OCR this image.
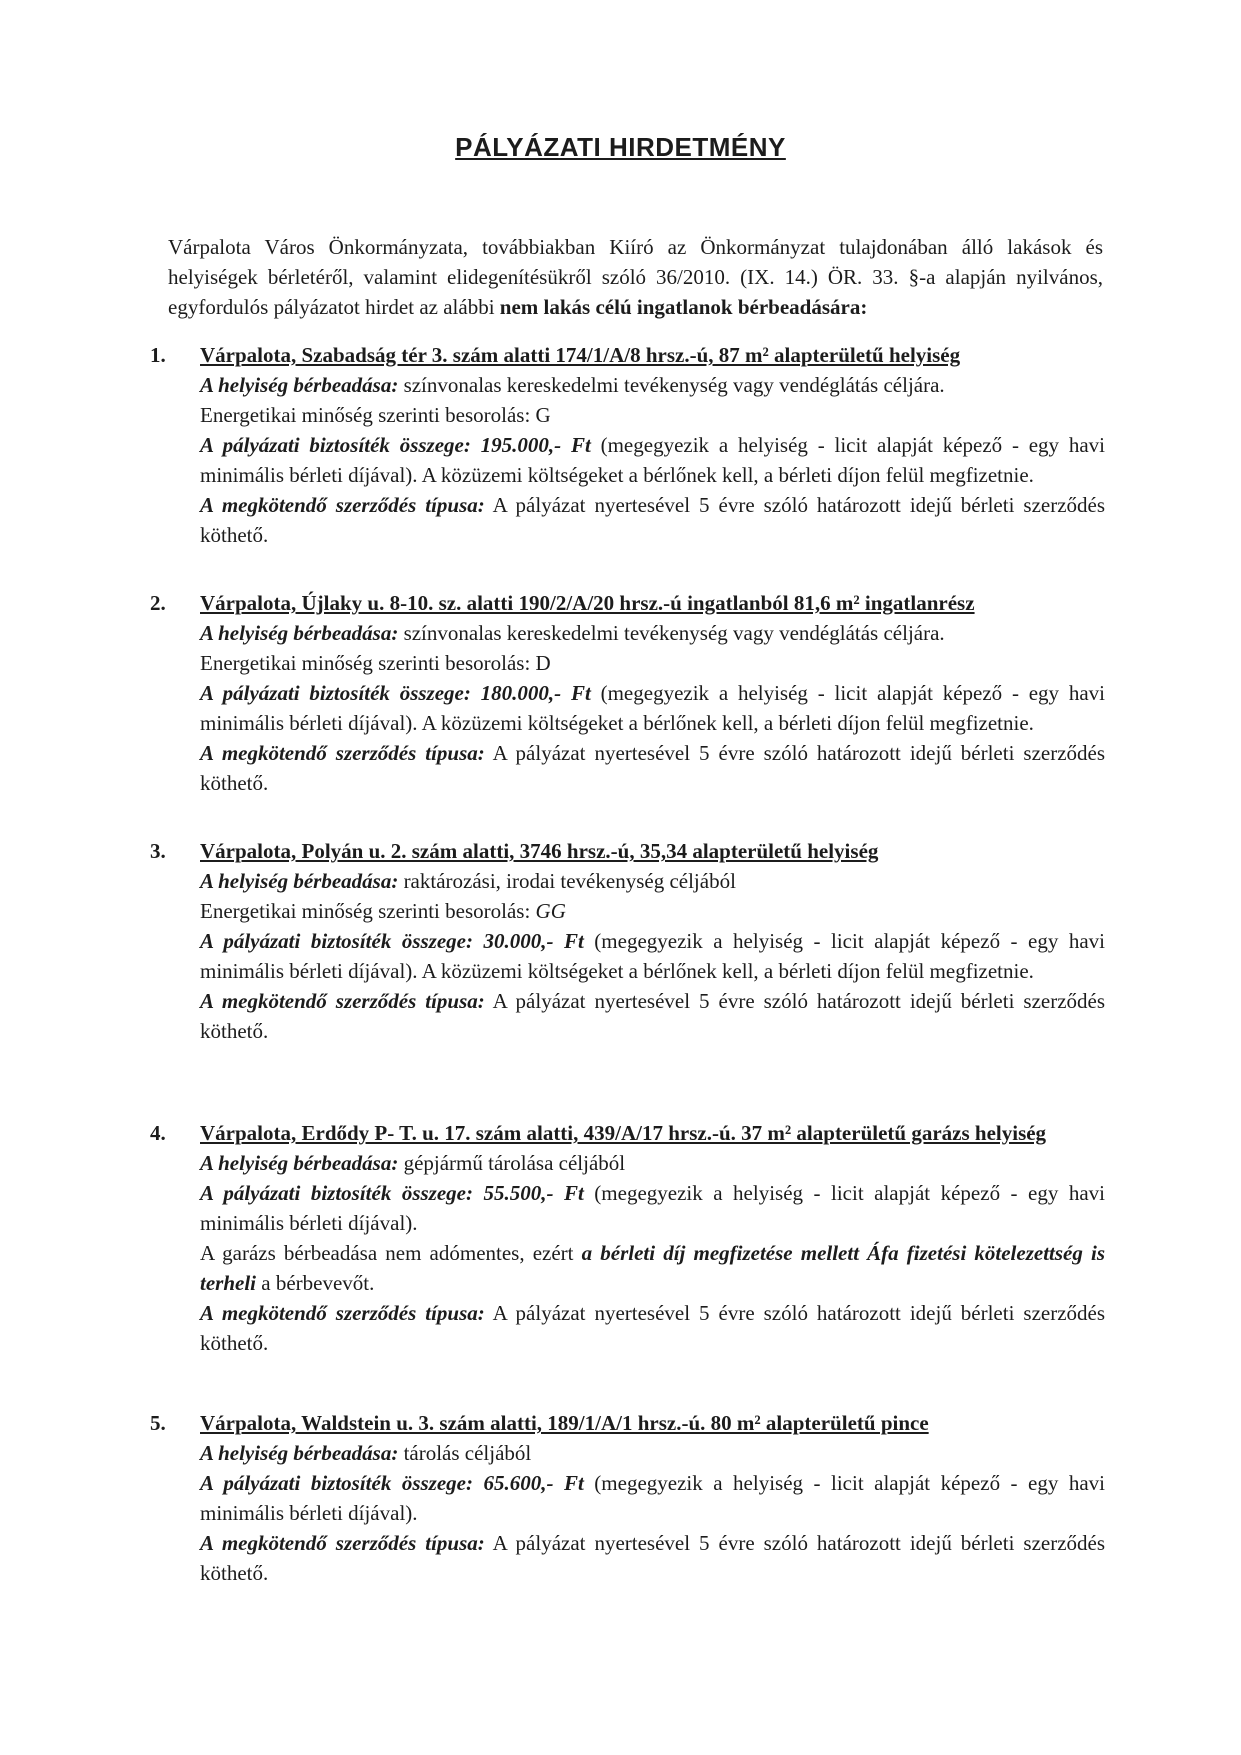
PÁLYÁZATI HIRDETMÉNY
Várpalota Város Önkormányzata, továbbiakban Kiíró az Önkormányzat tulajdonában álló lakások és helyiségek bérletéről, valamint elidegenítésükről szóló 36/2010. (IX. 14.) ÖR. 33. §-a alapján nyilvános, egyfordulós pályázatot hirdet az alábbi nem lakás célú ingatlanok bérbeadására:
1.	Várpalota, Szabadság tér 3. szám alatti 174/1/A/8 hrsz.-ú, 87 m² alapterületű helyiség
A helyiség bérbeadása: színvonalas kereskedelmi tevékenység vagy vendéglátás céljára.
Energetikai minőség szerinti besorolás: G
A pályázati biztosíték összege: 195.000,- Ft (megegyezik a helyiség - licit alapját képező - egy havi minimális bérleti díjával). A közüzemi költségeket a bérlőnek kell, a bérleti díjon felül megfizetnie.
A megkötendő szerződés típusa: A pályázat nyertesével 5 évre szóló határozott idejű bérleti szerződés köthető.
2.	Várpalota, Újlaky u. 8-10. sz. alatti 190/2/A/20 hrsz.-ú ingatlanból 81,6 m² ingatlanrész
A helyiség bérbeadása: színvonalas kereskedelmi tevékenység vagy vendéglátás céljára.
Energetikai minőség szerinti besorolás: D
A pályázati biztosíték összege: 180.000,- Ft (megegyezik a helyiség - licit alapját képező - egy havi minimális bérleti díjával). A közüzemi költségeket a bérlőnek kell, a bérleti díjon felül megfizetnie.
A megkötendő szerződés típusa: A pályázat nyertesével 5 évre szóló határozott idejű bérleti szerződés köthető.
3.	Várpalota, Polyán u. 2. szám alatti, 3746 hrsz.-ú, 35,34 alapterületű helyiség
A helyiség bérbeadása: raktározási, irodai tevékenység céljából
Energetikai minőség szerinti besorolás: GG
A pályázati biztosíték összege: 30.000,- Ft (megegyezik a helyiség - licit alapját képező - egy havi minimális bérleti díjával). A közüzemi költségeket a bérlőnek kell, a bérleti díjon felül megfizetnie.
A megkötendő szerződés típusa: A pályázat nyertesével 5 évre szóló határozott idejű bérleti szerződés köthető.
4.	Várpalota, Erdődy P- T. u. 17. szám alatti, 439/A/17 hrsz.-ú. 37 m² alapterületű garázs helyiség
A helyiség bérbeadása: gépjármű tárolása céljából
A pályázati biztosíték összege: 55.500,- Ft (megegyezik a helyiség - licit alapját képező - egy havi minimális bérleti díjával).
A garázs bérbeadása nem adómentes, ezért a bérleti díj megfizetése mellett Áfa fizetési kötelezettség is terheli a bérbevevőt.
A megkötendő szerződés típusa: A pályázat nyertesével 5 évre szóló határozott idejű bérleti szerződés köthető.
5.	Várpalota, Waldstein u. 3. szám alatti, 189/1/A/1 hrsz.-ú. 80 m² alapterületű pince
A helyiség bérbeadása: tárolás céljából
A pályázati biztosíték összege: 65.600,- Ft (megegyezik a helyiség - licit alapját képező - egy havi minimális bérleti díjával).
A megkötendő szerződés típusa: A pályázat nyertesével 5 évre szóló határozott idejű bérleti szerződés köthető.
